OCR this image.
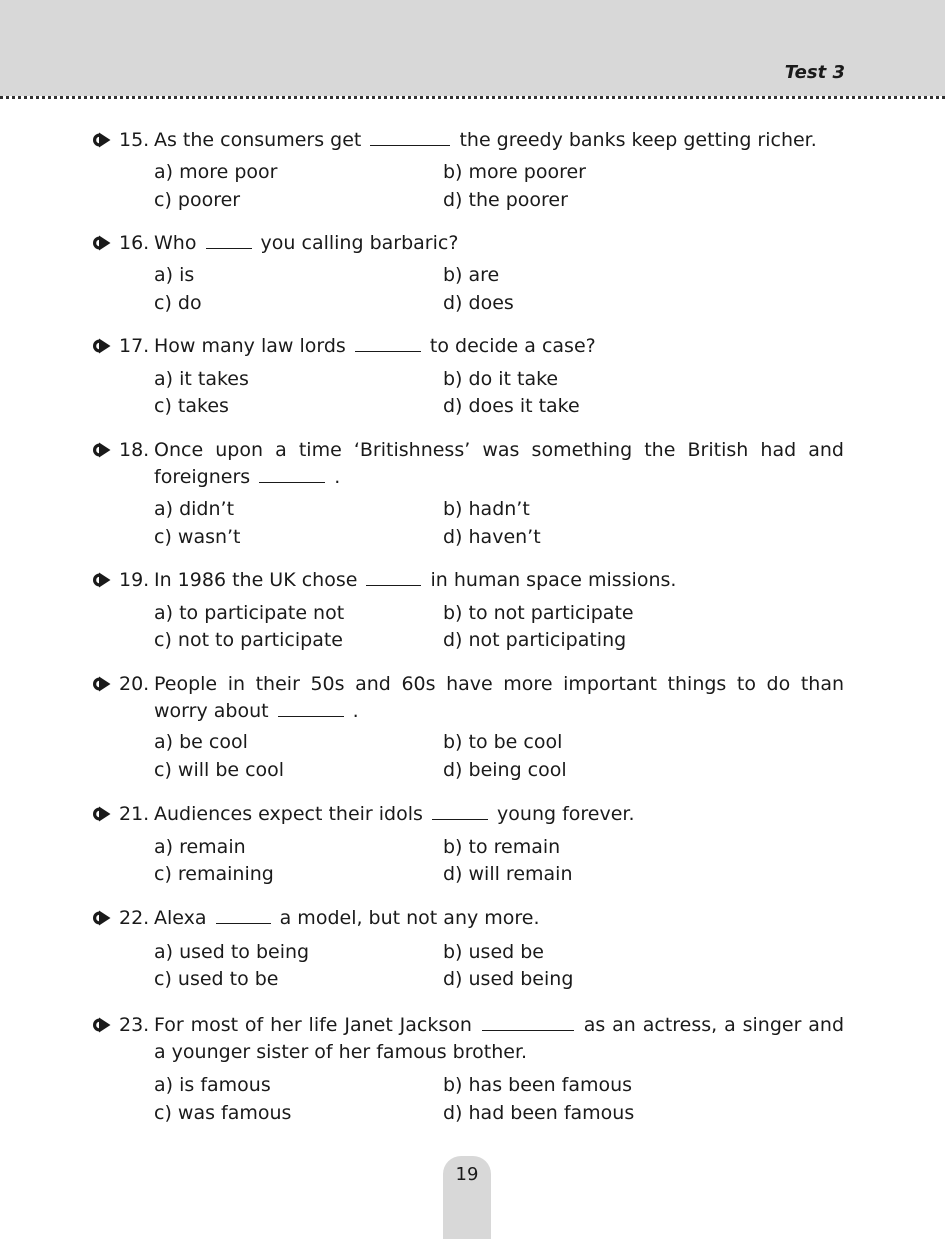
Test 3
15. As the consumers get	the greedy banks keep getting richer.
a) more poor	b) more poorer
c) poorer	d) the poorer
16. Who	you calling barbaric?
a) is	b) are
c) do	d) does
17. How many law lords	to decide a case?
a) it takes	b) do it take
c) takes	d) does it take
18. Once upon a time ‘Britishness’ was something the British had and
foreigners	.
a) didn’t	b) hadn’t
c) wasn’t	d) haven’t
19. In 1986 the UK chose	in human space missions.
a) to participate not	b) to not participate
c) not to participate	d) not participating
20. People in their 50s and 60s have more important things to do than
worry about	.
a) be cool	b) to be cool
c) will be cool	d) being cool
21. Audiences expect their idols	young forever.
a) remain	b) to remain
c) remaining	d) will remain
22. Alexa	a model, but not any more.
a) used to being	b) used be
c) used to be	d) used being
23. For most of her life Janet Jackson	as an actress, a singer and
a younger sister of her famous brother.
a) is famous	b) has been famous
c) was famous	d) had been famous
19
